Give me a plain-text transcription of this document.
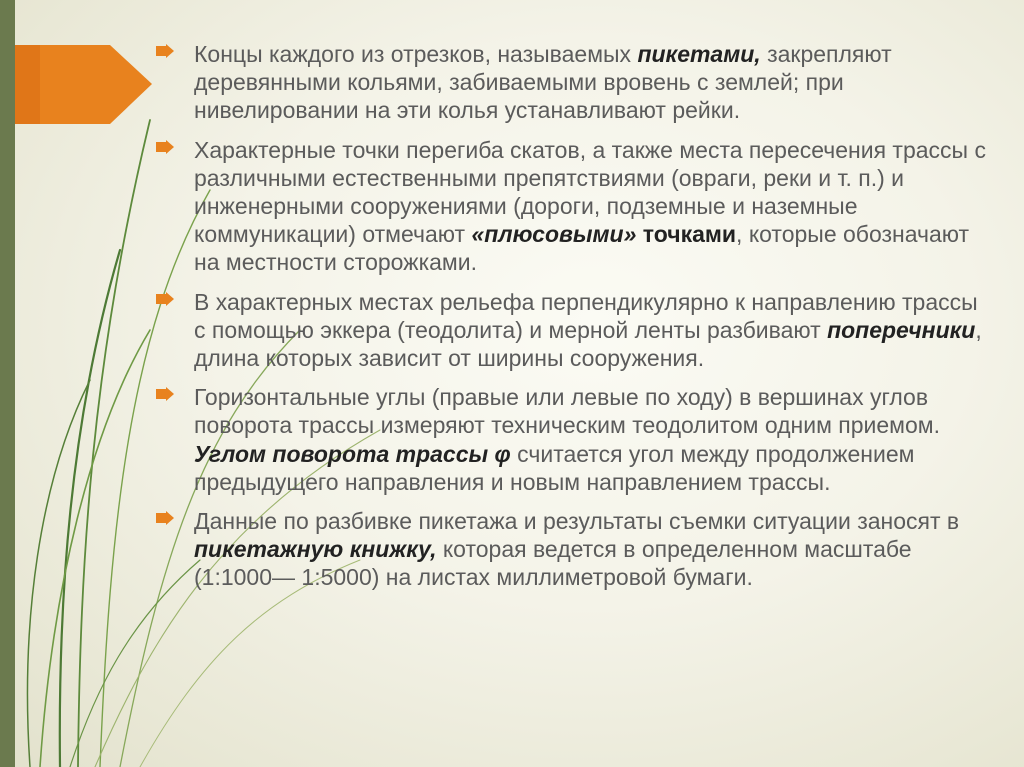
Концы каждого из отрезков, называемых пикетами, закрепляют деревянными кольями, забиваемыми вровень с землей; при нивелировании на эти колья устанавливают рейки.
Характерные точки перегиба скатов, а также места пересечения трассы с различными естественными препятствиями (овраги, реки и т. п.) и инженерными сооружениями (дороги, подземные и наземные коммуникации) отмечают «плюсовыми» точками, которые обозначают на местности сторожками.
В характерных местах рельефа перпендикулярно к направлению трассы с помощью эккера (теодолита) и мерной ленты разбивают поперечники, длина которых зависит от ширины сооружения.
Горизонтальные углы (правые или левые по ходу) в вершинах углов поворота трассы измеряют техническим теодолитом одним приемом. Углом поворота трассы φ считается угол между продолжением предыдущего направления и новым направлением трассы.
Данные по разбивке пикетажа и результаты съемки ситуации заносят в пикетажную книжку, которая ведется в определенном масштабе (1:1000— 1:5000) на листах миллиметровой бумаги.
